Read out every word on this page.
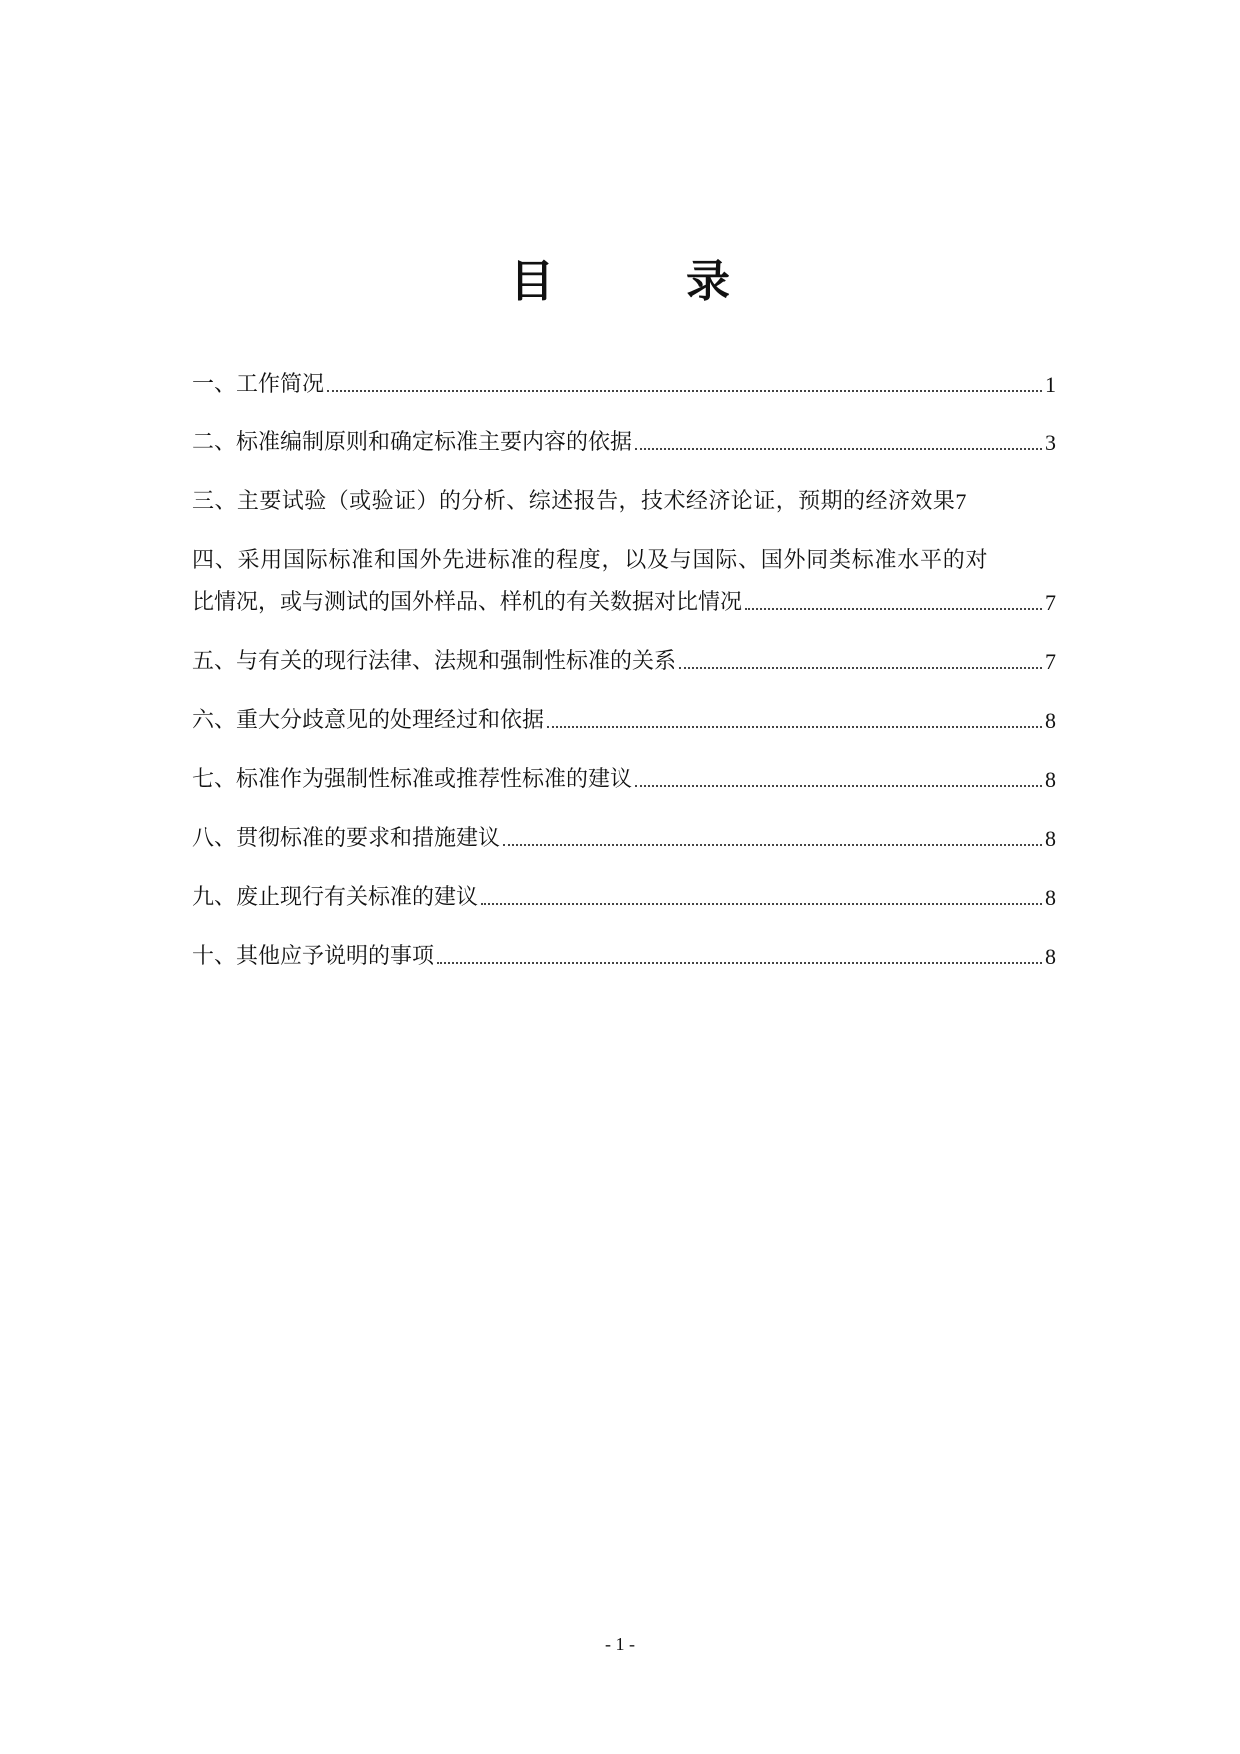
目　录
一、工作简况	1
二、标准编制原则和确定标准主要内容的依据	3
三、主要试验（或验证）的分析、综述报告，技术经济论证，预期的经济效果 7
四、采用国际标准和国外先进标准的程度，以及与国际、国外同类标准水平的对
比情况，或与测试的国外样品、样机的有关数据对比情况	7
五、与有关的现行法律、法规和强制性标准的关系	7
六、重大分歧意见的处理经过和依据	8
七、标准作为强制性标准或推荐性标准的建议	8
八、贯彻标准的要求和措施建议	8
九、废止现行有关标准的建议	8
十、其他应予说明的事项	8
- 1 -
